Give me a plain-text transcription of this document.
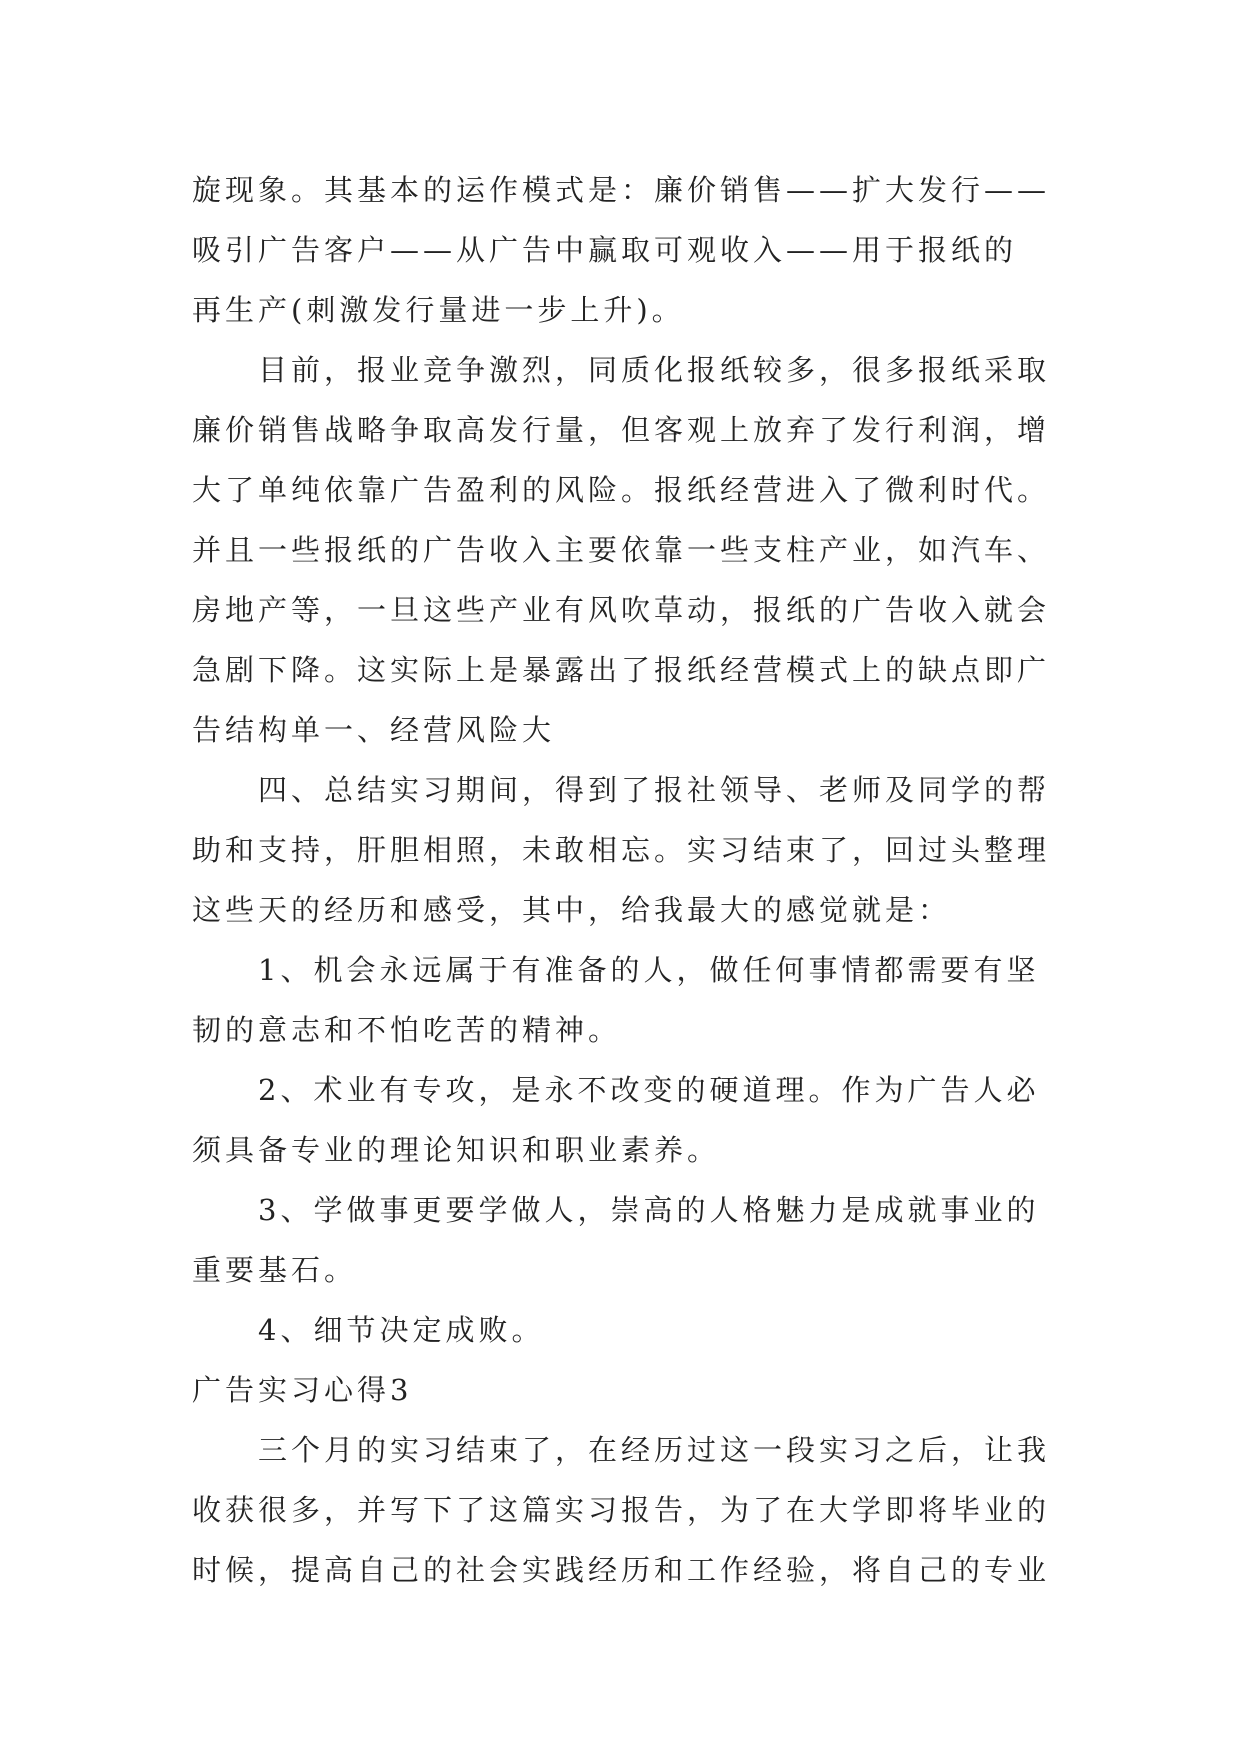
旋现象。其基本的运作模式是：廉价销售——扩大发行——
吸引广告客户——从广告中赢取可观收入——用于报纸的
再生产(刺激发行量进一步上升)。
目前，报业竞争激烈，同质化报纸较多，很多报纸采取
廉价销售战略争取高发行量，但客观上放弃了发行利润，增
大了单纯依靠广告盈利的风险。报纸经营进入了微利时代。
并且一些报纸的广告收入主要依靠一些支柱产业，如汽车、
房地产等，一旦这些产业有风吹草动，报纸的广告收入就会
急剧下降。这实际上是暴露出了报纸经营模式上的缺点即广
告结构单一、经营风险大
四、总结实习期间，得到了报社领导、老师及同学的帮
助和支持，肝胆相照，未敢相忘。实习结束了，回过头整理
这些天的经历和感受，其中，给我最大的感觉就是：
1、机会永远属于有准备的人，做任何事情都需要有坚
韧的意志和不怕吃苦的精神。
2、术业有专攻，是永不改变的硬道理。作为广告人必
须具备专业的理论知识和职业素养。
3、学做事更要学做人，崇高的人格魅力是成就事业的
重要基石。
4、细节决定成败。
广告实习心得3
三个月的实习结束了，在经历过这一段实习之后，让我
收获很多，并写下了这篇实习报告，为了在大学即将毕业的
时候，提高自己的社会实践经历和工作经验，将自己的专业
